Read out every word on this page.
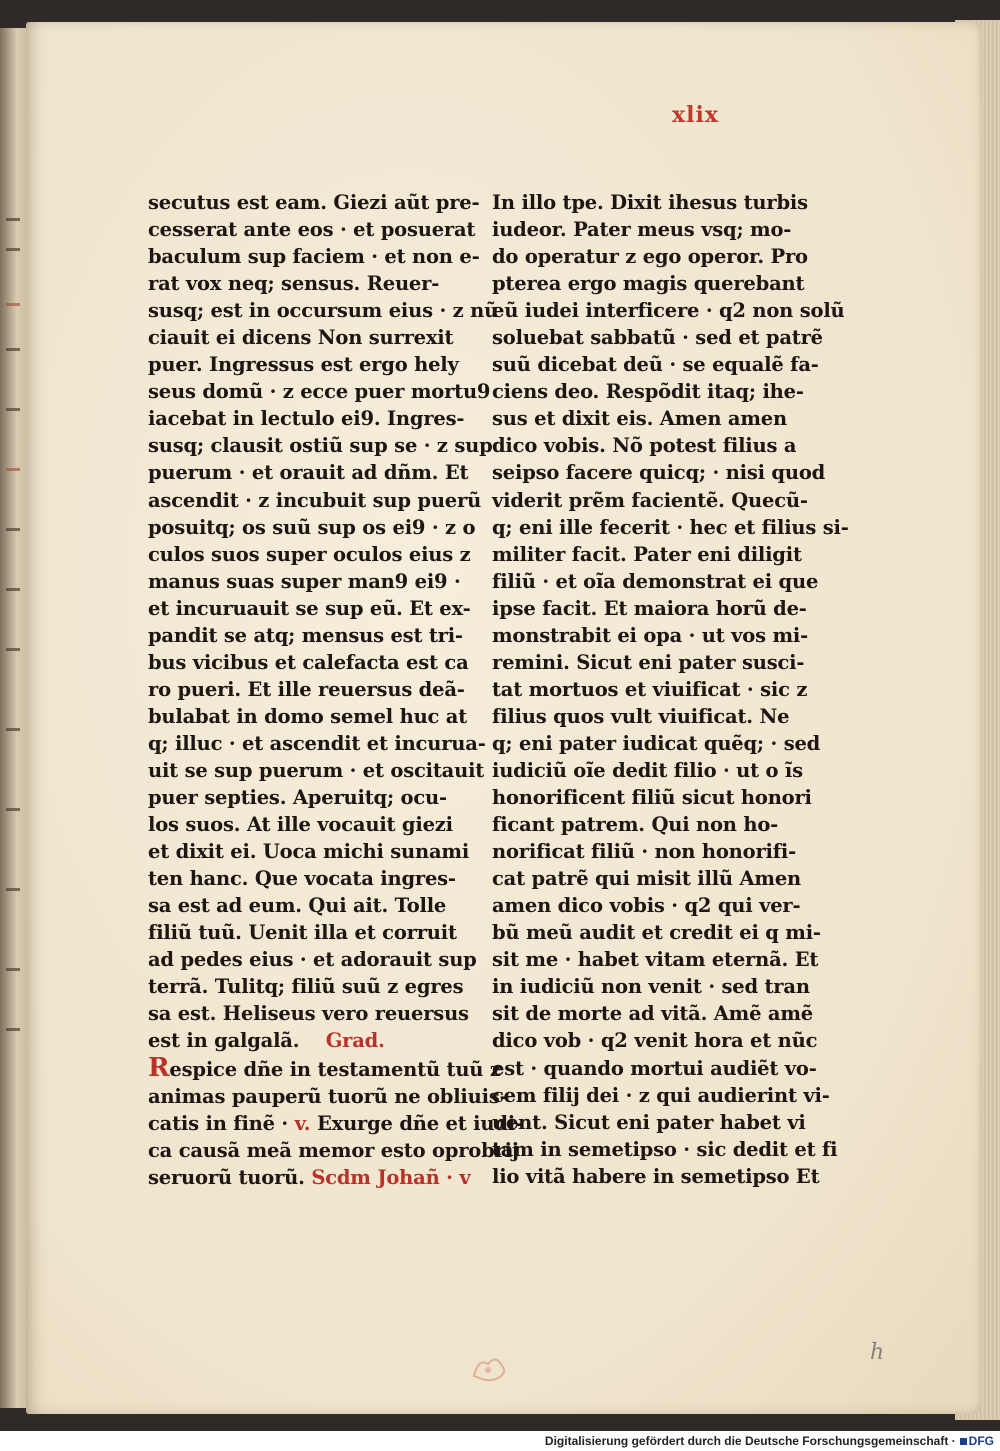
xlix
secutus est eam. Giezi aũt pre-
cesserat ante eos · et posuerat
baculum sup faciem · et non e-
rat vox neq; sensus. Reuer-
susq; est in occursum eius · z nũ
ciauit ei dicens Non surrexit
puer. Ingressus est ergo hely
seus domũ · z ecce puer mortu9
iacebat in lectulo ei9. Ingres-
susq; clausit ostiũ sup se · z sup
puerum · et orauit ad dñm. Et
ascendit · z incubuit sup puerũ
posuitq; os suũ sup os ei9 · z o
culos suos super oculos eius z
manus suas super man9 ei9 ·
et incuruauit se sup eũ. Et ex-
pandit se atq; mensus est tri-
bus vicibus et calefacta est ca
ro pueri. Et ille reuersus deã-
bulabat in domo semel huc at
q; illuc · et ascendit et incurua-
uit se sup puerum · et oscitauit
puer septies. Aperuitq; ocu-
los suos. At ille vocauit giezi
et dixit ei. Uoca michi sunami
ten hanc. Que vocata ingres-
sa est ad eum. Qui ait. Tolle
filiũ tuũ. Uenit illa et corruit
ad pedes eius · et adorauit sup
terrã. Tulitq; filiũ suũ z egres
sa est. Heliseus vero reuersus
est in galgalã. Grad.
Respice dñe in testamentũ tuũ z
animas pauperũ tuorũ ne obliuis-
catis in finẽ · v. Exurge dñe et iudi-
ca causã meã memor esto oprobrij
seruorũ tuorũ. Scdm Johañ · v
In illo tpe. Dixit ihesus turbis
iudeor. Pater meus vsq; mo-
do operatur z ego operor. Pro
pterea ergo magis querebant
eũ iudei interficere · q2 non solũ
soluebat sabbatũ · sed et patrẽ
suũ dicebat deũ · se equalẽ fa-
ciens deo. Respõdit itaq; ihe-
sus et dixit eis. Amen amen
dico vobis. Nõ potest filius a
seipso facere quicq; · nisi quod
viderit prẽm facientẽ. Quecũ-
q; eni ille fecerit · hec et filius si-
militer facit. Pater eni diligit
filiũ · et oĩa demonstrat ei que
ipse facit. Et maiora horũ de-
monstrabit ei opa · ut vos mi-
remini. Sicut eni pater susci-
tat mortuos et viuificat · sic z
filius quos vult viuificat. Ne
q; eni pater iudicat quẽq; · sed
iudiciũ oĩe dedit filio · ut o ĩs
honorificent filiũ sicut honori
ficant patrem. Qui non ho-
norificat filiũ · non honorifi-
cat patrẽ qui misit illũ Amen
amen dico vobis · q2 qui ver-
bũ meũ audit et credit ei q mi-
sit me · habet vitam eternã. Et
in iudiciũ non venit · sed tran
sit de morte ad vitã. Amẽ amẽ
dico vob · q2 venit hora et nũc
est · quando mortui audiẽt vo-
cem filij dei · z qui audierint vi-
uent. Sicut eni pater habet vi
tam in semetipso · sic dedit et fi
lio vitã habere in semetipso Et
h
Digitalisierung gefördert durch die Deutsche Forschungsgemeinschaft · DFG
